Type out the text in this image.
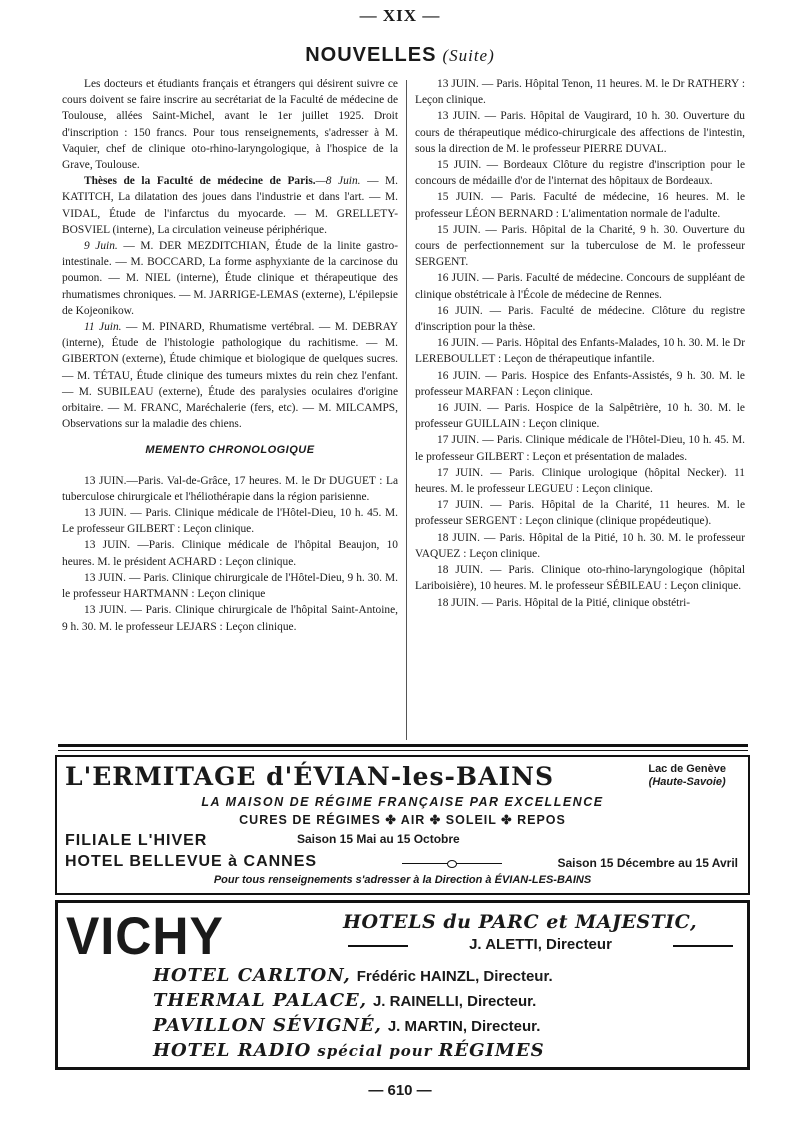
— XIX —
NOUVELLES (Suite)

Les docteurs et étudiants français et étrangers qui désirent suivre ce cours doivent se faire inscrire au secrétariat de la Faculté de médecine de Toulouse, allées Saint-Michel, avant le 1er juillet 1925. Droit d'inscription : 150 francs. Pour tous renseignements, s'adresser à M. Vaquier, chef de clinique oto-rhino-laryngologique, à l'hospice de la Grave, Toulouse.

Thèses de la Faculté de médecine de Paris.—8 Juin. — M. KATITCH, La dilatation des joues dans l'industrie et dans l'art. — M. VIDAL, Étude de l'infarctus du myocarde. — M. GRELLETY-BOSVIEL (interne), La circulation veineuse périphérique.

9 Juin. — M. DER MEZDITCHIAN, Étude de la linite gastro-intestinale. — M. BOCCARD, La forme asphyxiante de la carcinose du poumon. — M. NIEL (interne), Étude clinique et thérapeutique des rhumatismes chroniques. — M. JARRIGE-LEMAS (externe), L'épilepsie de Kojeonikow.

11 Juin. — M. PINARD, Rhumatisme vertébral. — M. DEBRAY (interne), Étude de l'histologie pathologique du rachitisme. — M. GIBERTON (externe), Étude chimique et biologique de quelques sucres. — M. TÉTAU, Étude clinique des tumeurs mixtes du rein chez l'enfant. — M. SUBILEAU (externe), Étude des paralysies oculaires d'origine orbitaire. — M. FRANC, Maréchalerie (fers, etc). — M. MILCAMPS, Observations sur la maladie des chiens.

MEMENTO CHRONOLOGIQUE

13 JUIN.—Paris. Val-de-Grâce, 17 heures. M. le Dr DUGUET : La tuberculose chirurgicale et l'héliothérapie dans la région parisienne.

13 JUIN. — Paris. Clinique médicale de l'Hôtel-Dieu, 10 h. 45. M. Le professeur GILBERT : Leçon clinique.

13 JUIN. —Paris. Clinique médicale de l'hôpital Beaujon, 10 heures. M. le président ACHARD : Leçon clinique.

13 JUIN. — Paris. Clinique chirurgicale de l'Hôtel-Dieu, 9 h. 30. M. le professeur HARTMANN : Leçon clinique

13 JUIN. — Paris. Clinique chirurgicale de l'hôpital Saint-Antoine, 9 h. 30. M. le professeur LEJARS : Leçon clinique.

13 JUIN. — Paris. Hôpital Tenon, 11 heures. M. le Dr RATHERY : Leçon clinique.

13 JUIN. — Paris. Hôpital de Vaugirard, 10 h. 30. Ouverture du cours de thérapeutique médico-chirurgicale des affections de l'intestin, sous la direction de M. le professeur PIERRE DUVAL.

15 JUIN. — Bordeaux Clôture du registre d'inscription pour le concours de médaille d'or de l'internat des hôpitaux de Bordeaux.

15 JUIN. — Paris. Faculté de médecine, 16 heures. M. le professeur LÉON BERNARD : L'alimentation normale de l'adulte.

15 JUIN. — Paris. Hôpital de la Charité, 9 h. 30. Ouverture du cours de perfectionnement sur la tuberculose de M. le professeur SERGENT.

16 JUIN. — Paris. Faculté de médecine. Concours de suppléant de clinique obstétricale à l'École de médecine de Rennes.

16 JUIN. — Paris. Faculté de médecine. Clôture du registre d'inscription pour la thèse.

16 JUIN. — Paris. Hôpital des Enfants-Malades, 10 h. 30. M. le Dr LEREBOULLET : Leçon de thérapeutique infantile.

16 JUIN. — Paris. Hospice des Enfants-Assistés, 9 h. 30. M. le professeur MARFAN : Leçon clinique.

16 JUIN. — Paris. Hospice de la Salpêtrière, 10 h. 30. M. le professeur GUILLAIN : Leçon clinique.

17 JUIN. — Paris. Clinique médicale de l'Hôtel-Dieu, 10 h. 45. M. le professeur GILBERT : Leçon et présentation de malades.

17 JUIN. — Paris. Clinique urologique (hôpital Necker). 11 heures. M. le professeur LEGUEU : Leçon clinique.

17 JUIN. — Paris. Hôpital de la Charité, 11 heures. M. le professeur SERGENT : Leçon clinique (clinique propédeutique).

18 JUIN. — Paris. Hôpital de la Pitié, 10 h. 30. M. le professeur VAQUEZ : Leçon clinique.

18 JUIN. — Paris. Clinique oto-rhino-laryngologique (hôpital Lariboisière), 10 heures. M. le professeur SÉBILEAU : Leçon clinique.

18 JUIN. — Paris. Hôpital de la Pitié, clinique obstétri-

L'ERMITAGE d'ÉVIAN-les-BAINS	Lac de Genève
(Haute-Savoie)
LA MAISON DE RÉGIME FRANÇAISE PAR EXCELLENCE
CURES DE RÉGIMES ✤ AIR ✤ SOLEIL ✤ REPOS
FILIALE L'HIVER	Saison 15 Mai au 15 Octobre
HOTEL BELLEVUE à CANNES	Saison 15 Décembre au 15 Avril
Pour tous renseignements s'adresser à la Direction à ÉVIAN-LES-BAINS
VICHY	HOTELS du PARC et MAJESTIC,
J. ALETTI, Directeur
HOTEL CARLTON, Frédéric HAINZL, Directeur.
THERMAL PALACE, J. RAINELLI, Directeur.
PAVILLON SÉVIGNÉ, J. MARTIN, Directeur.
HOTEL RADIO spécial pour RÉGIMES
— 610 —
